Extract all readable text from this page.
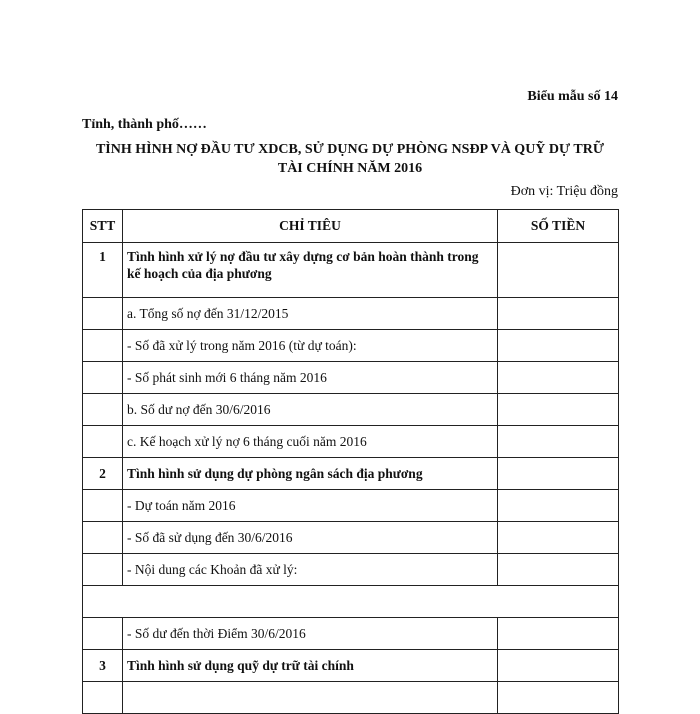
Biểu mẫu số 14
Tỉnh, thành phố……
TÌNH HÌNH NỢ ĐẦU TƯ XDCB, SỬ DỤNG DỰ PHÒNG NSĐP VÀ QUỸ DỰ TRỮ TÀI CHÍNH NĂM 2016
Đơn vị: Triệu đồng
STT	CHỈ TIÊU	SỐ TIỀN
1	Tình hình xử lý nợ đầu tư xây dựng cơ bản hoàn thành trong kế hoạch của địa phương	
	a. Tổng số nợ đến 31/12/2015	
	- Số đã xử lý trong năm 2016 (từ dự toán):	
	- Số phát sinh mới 6 tháng năm 2016	
	b. Số dư nợ đến 30/6/2016	
	c. Kế hoạch xử lý nợ 6 tháng cuối năm 2016	
2	Tình hình sử dụng dự phòng ngân sách địa phương	
	- Dự toán năm 2016	
	- Số đã sử dụng đến 30/6/2016	
	- Nội dung các Khoản đã xử lý:	

	- Số dư đến thời Điểm 30/6/2016	
3	Tình hình sử dụng quỹ dự trữ tài chính	
